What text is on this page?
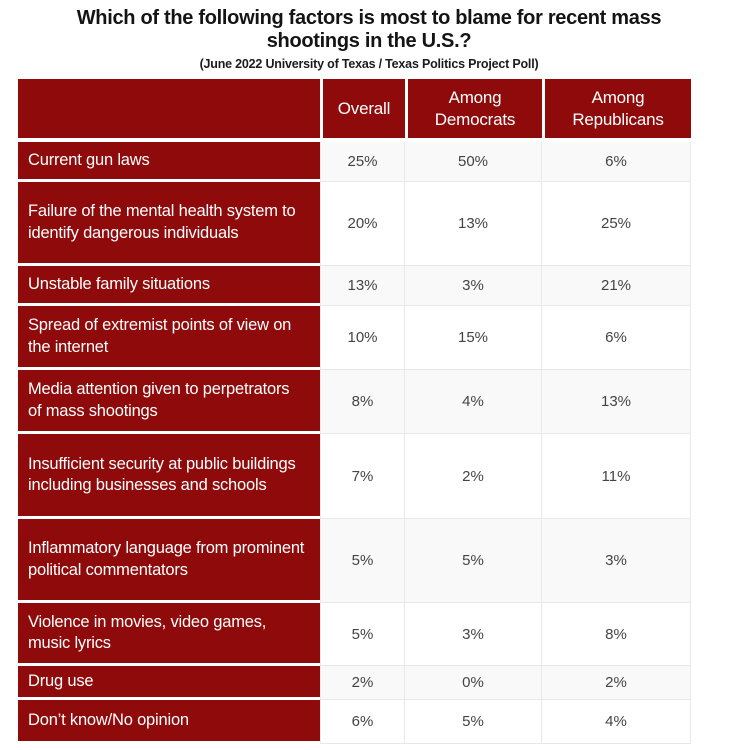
Which of the following factors is most to blame for recent mass shootings in the U.S.?
(June 2022 University of Texas / Texas Politics Project Poll)
	Overall	Among Democrats	Among Republicans
Current gun laws	25%	50%	6%
Failure of the mental health system to identify dangerous individuals	20%	13%	25%
Unstable family situations	13%	3%	21%
Spread of extremist points of view on the internet	10%	15%	6%
Media attention given to perpetrators of mass shootings	8%	4%	13%
Insufficient security at public buildings including businesses and schools	7%	2%	11%
Inflammatory language from prominent political commentators	5%	5%	3%
Violence in movies, video games, music lyrics	5%	3%	8%
Drug use	2%	0%	2%
Don’t know/No opinion	6%	5%	4%
